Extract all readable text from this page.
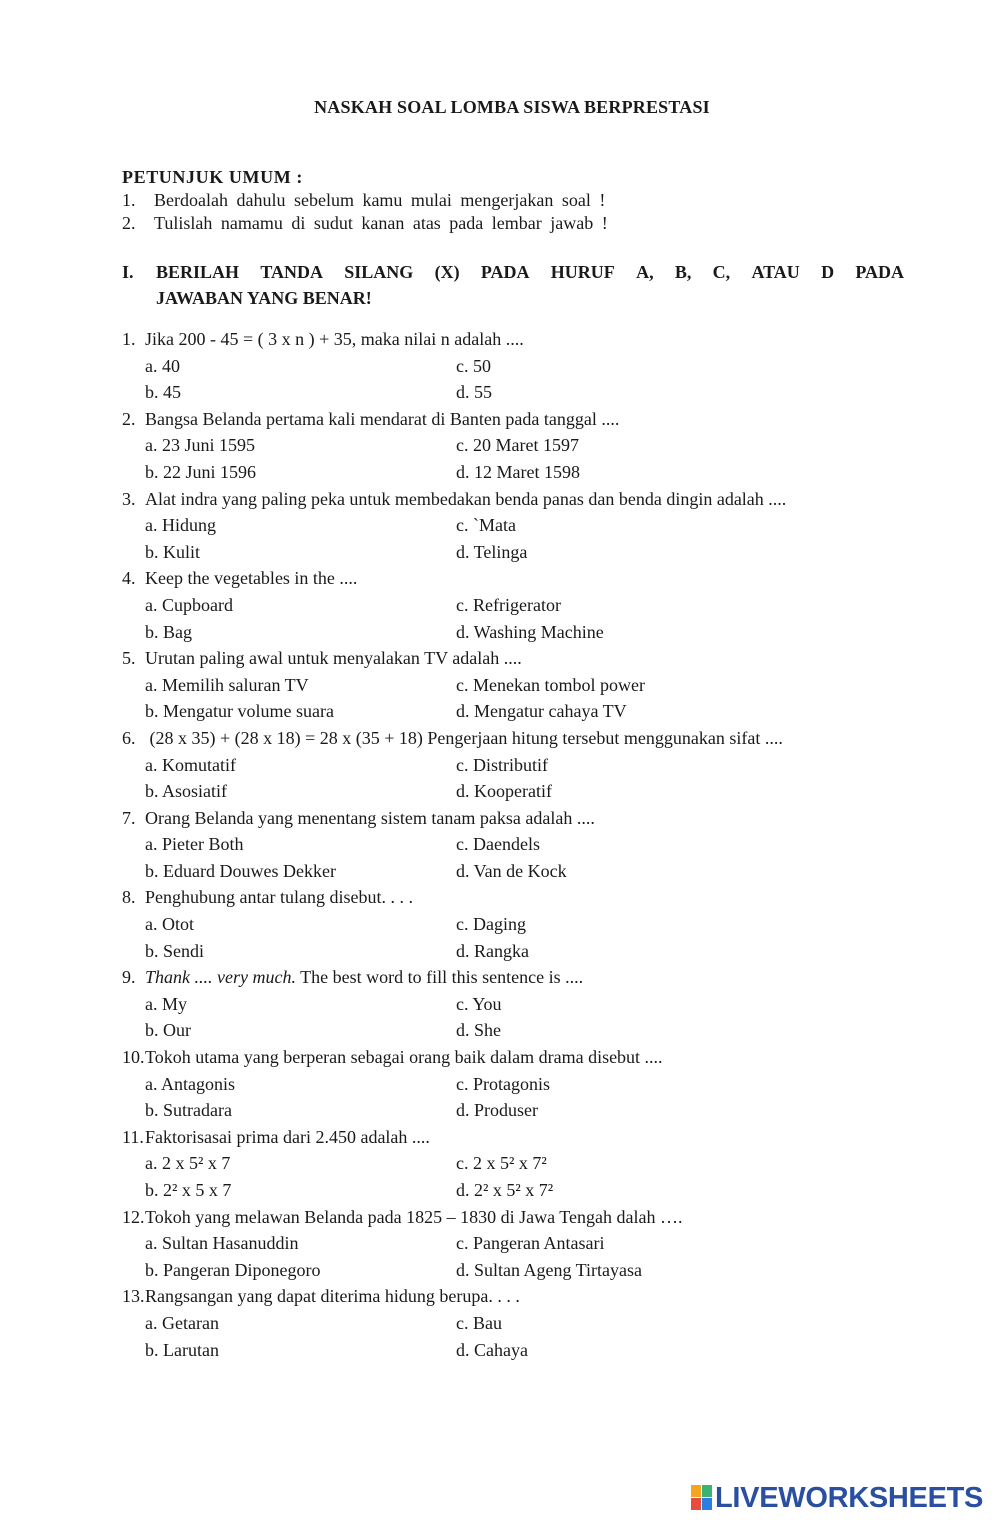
NASKAH SOAL LOMBA SISWA BERPRESTASI
PETUNJUK UMUM :
1. Berdoalah dahulu sebelum kamu mulai mengerjakan soal !
2. Tulislah namamu di sudut kanan atas pada lembar jawab !
I. BERILAH TANDA SILANG (X) PADA HURUF A, B, C, ATAU D PADA
JAWABAN YANG BENAR!
1. Jika 200 - 45 = ( 3 x n ) + 35, maka nilai n adalah ....
a. 40	c. 50
b. 45	d. 55
2. Bangsa Belanda pertama kali mendarat di Banten pada tanggal ....
a. 23 Juni 1595	c. 20 Maret 1597
b. 22 Juni 1596	d. 12 Maret 1598
3. Alat indra yang paling peka untuk membedakan benda panas dan benda dingin adalah ....
a. Hidung	c. `Mata
b. Kulit	d. Telinga
4. Keep the vegetables in the ....
a. Cupboard	c. Refrigerator
b. Bag	d. Washing Machine
5. Urutan paling awal untuk menyalakan TV adalah ....
a. Memilih saluran TV	c. Menekan tombol power
b. Mengatur volume suara	d. Mengatur cahaya TV
6. (28 x 35) + (28 x 18) = 28 x (35 + 18) Pengerjaan hitung tersebut menggunakan sifat ....
a. Komutatif	c. Distributif
b. Asosiatif	d. Kooperatif
7. Orang Belanda yang menentang sistem tanam paksa adalah ....
a. Pieter Both	c. Daendels
b. Eduard Douwes Dekker	d. Van de Kock
8. Penghubung antar tulang disebut. . . .
a. Otot	c. Daging
b. Sendi	d. Rangka
9. Thank .... very much. The best word to fill this sentence is ....
a. My	c. You
b. Our	d. She
10.Tokoh utama yang berperan sebagai orang baik dalam drama disebut ....
a. Antagonis	c. Protagonis
b. Sutradara	d. Produser
11.Faktorisasai prima dari 2.450 adalah ....
a. 2 x 5² x 7	c. 2 x 5² x 7²
b. 2² x 5 x 7	d. 2² x 5² x 7²
12.Tokoh yang melawan Belanda pada 1825 – 1830 di Jawa Tengah dalah ….
a. Sultan Hasanuddin	c. Pangeran Antasari
b. Pangeran Diponegoro	d. Sultan Ageng Tirtayasa
13.Rangsangan yang dapat diterima hidung berupa. . . .
a. Getaran	c. Bau
b. Larutan	d. Cahaya
LIVEWORKSHEETS
